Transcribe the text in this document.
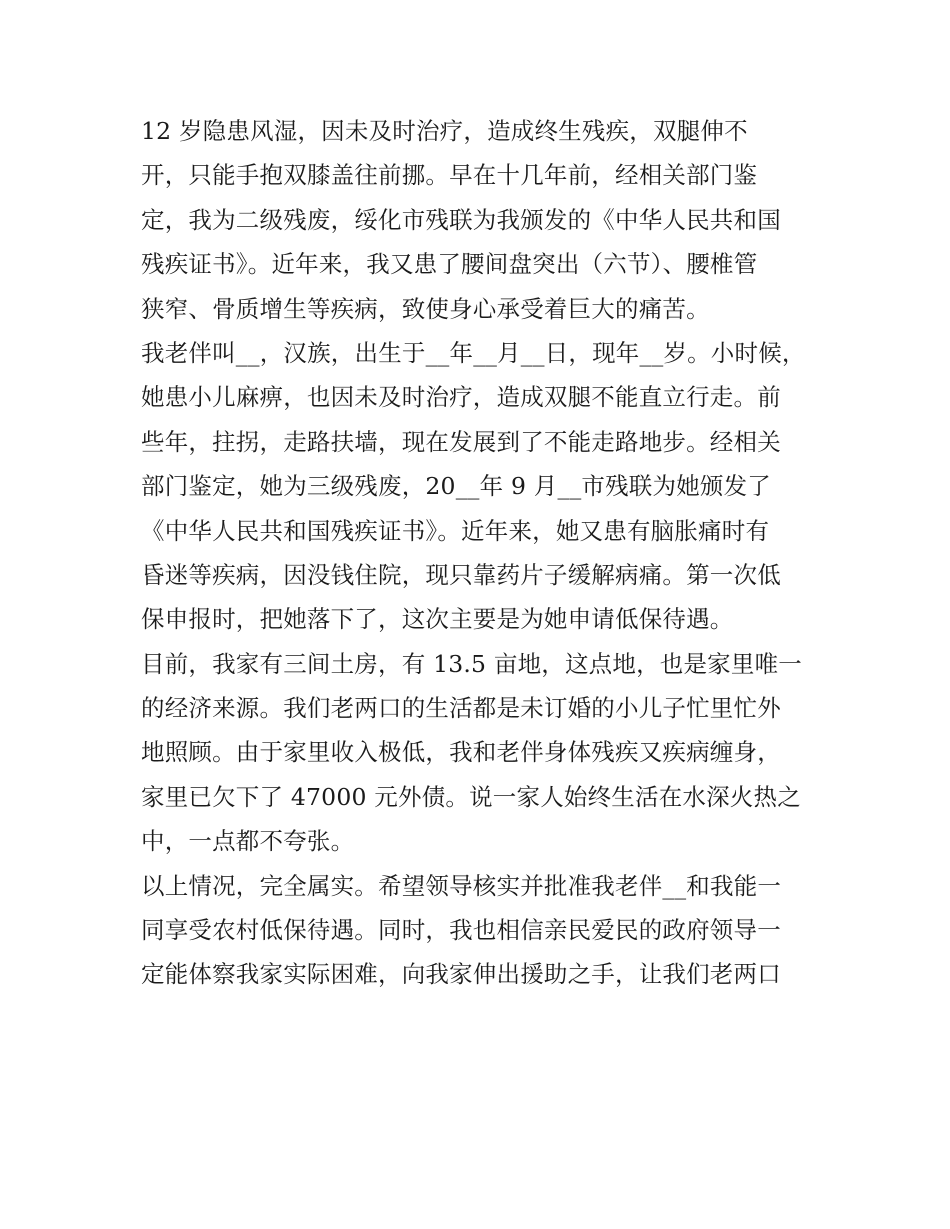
12 岁隐患风湿，因未及时治疗，造成终生残疾，双腿伸不
开，只能手抱双膝盖往前挪。早在十几年前，经相关部门鉴
定，我为二级残废，绥化市残联为我颁发的《中华人民共和国
残疾证书》。近年来，我又患了腰间盘突出（六节）、腰椎管
狭窄、骨质增生等疾病，致使身心承受着巨大的痛苦。
我老伴叫__，汉族，出生于__年__月__日，现年__岁。小时候，
她患小儿麻痹，也因未及时治疗，造成双腿不能直立行走。前
些年，拄拐，走路扶墙，现在发展到了不能走路地步。经相关
部门鉴定，她为三级残废，20__年 9 月__市残联为她颁发了
《中华人民共和国残疾证书》。近年来，她又患有脑胀痛时有
昏迷等疾病，因没钱住院，现只靠药片子缓解病痛。第一次低
保申报时，把她落下了，这次主要是为她申请低保待遇。
目前，我家有三间土房，有 13.5 亩地，这点地，也是家里唯一
的经济来源。我们老两口的生活都是未订婚的小儿子忙里忙外
地照顾。由于家里收入极低，我和老伴身体残疾又疾病缠身，
家里已欠下了 47000 元外债。说一家人始终生活在水深火热之
中，一点都不夸张。
以上情况，完全属实。希望领导核实并批准我老伴__和我能一
同享受农村低保待遇。同时，我也相信亲民爱民的政府领导一
定能体察我家实际困难，向我家伸出援助之手，让我们老两口
